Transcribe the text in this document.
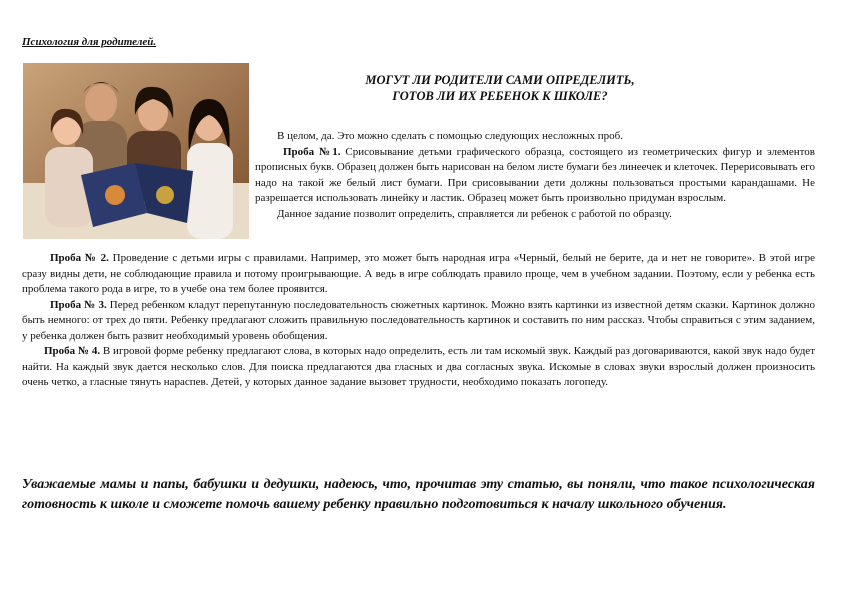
Психология для родителей.
МОГУТ ЛИ РОДИТЕЛИ САМИ ОПРЕДЕЛИТЬ,
ГОТОВ ЛИ ИХ РЕБЕНОК К ШКОЛЕ?

В целом, да. Это можно сделать с помощью следующих несложных проб.

Проба №1. Срисовывание детьми графического образца, состоящего из геометрических фигур и элементов прописных букв. Образец должен быть нарисован на белом листе бумаги без линеечек и клеточек. Перерисовывать его надо на такой же белый лист бумаги. При срисовывании дети должны пользоваться простыми карандашами. Не разрешается использовать линейку и ластик. Образец может быть произвольно придуман взрослым.

Данное задание позволит определить, справляется ли ребенок с работой по образцу.

Проба № 2. Проведение с детьми игры с правилами. Например, это может быть народная игра «Черный, белый не берите, да и нет не говорите». В этой игре сразу видны дети, не соблюдающие правила и потому проигрывающие. А ведь в игре соблюдать правило проще, чем в учебном задании. Поэтому, если у ребенка есть проблема такого рода в игре, то в учебе она тем более проявится.

Проба № 3. Перед ребенком кладут перепутанную последовательность сюжетных картинок. Можно взять картинки из известной детям сказки. Картинок должно быть немного: от трех до пяти. Ребенку предлагают сложить правильную последовательность картинок и составить по ним рассказ. Чтобы справиться с этим заданием, у ребенка должен быть развит необходимый уровень обобщения.

Проба № 4. В игровой форме ребенку предлагают слова, в которых надо определить, есть ли там искомый звук. Каждый раз договариваются, какой звук надо будет найти. На каждый звук дается несколько слов. Для поиска предлагаются два гласных и два согласных звука. Искомые в словах звуки взрослый должен произносить очень четко, а гласные тянуть нараспев. Детей, у которых данное задание вызовет трудности, необходимо показать логопеду.

Уважаемые мамы и папы, бабушки и дедушки, надеюсь, что, прочитав эту статью, вы поняли, что такое психологическая готовность к школе и сможете помочь вашему ребенку правильно подготовиться к началу школьного обучения.
